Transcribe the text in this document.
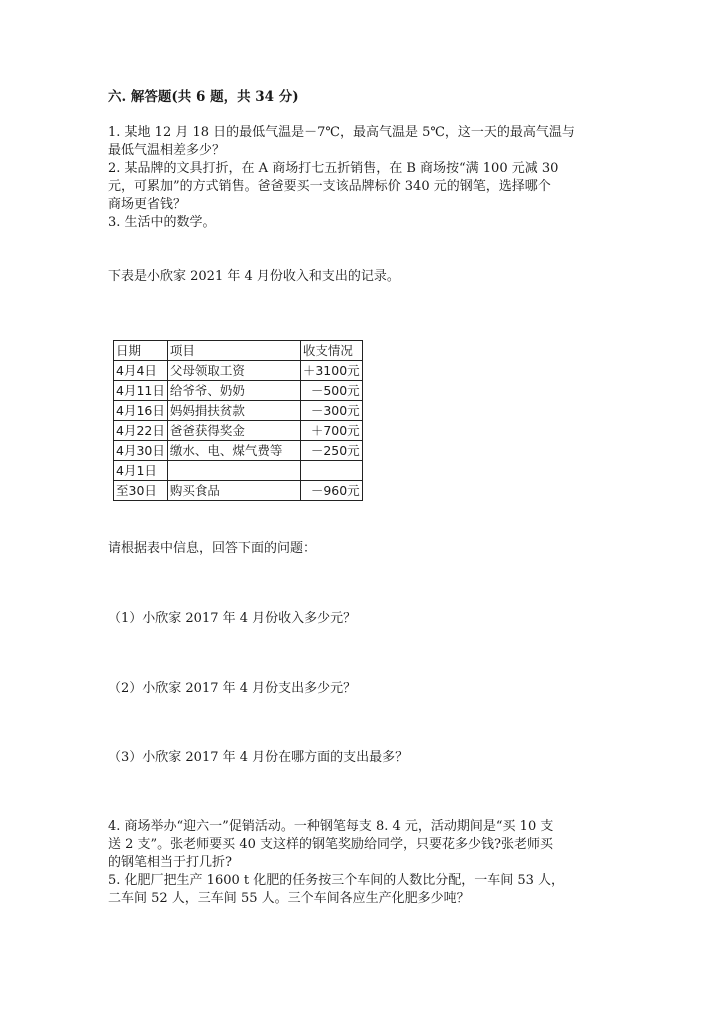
六. 解答题(共 6 题，共 34 分)

1. 某地 12 月 18 日的最低气温是－7℃，最高气温是 5℃，这一天的最高气温与

最低气温相差多少？

2. 某品牌的文具打折，在 A 商场打七五折销售，在 B 商场按“满 100 元减 30

元，可累加”的方式销售。爸爸要买一支该品牌标价 340 元的钢笔，选择哪个

商场更省钱？

3. 生活中的数学。

下表是小欣家 2021 年 4 月份收入和支出的记录。
日期	项目	收支情况
4月4日	父母领取工资	＋3100元
4月11日	给爷爷、奶奶	－500元
4月16日	妈妈捐扶贫款	－300元
4月22日	爸爸获得奖金	＋700元
4月30日	缴水、电、煤气费等	－250元
4月1日		
至30日	购买食品	－960元
请根据表中信息，回答下面的问题：
（1）小欣家 2017 年 4 月份收入多少元？
（2）小欣家 2017 年 4 月份支出多少元？
（3）小欣家 2017 年 4 月份在哪方面的支出最多？

4. 商场举办“迎六一”促销活动。一种钢笔每支 8. 4 元，活动期间是“买 10 支

送 2 支”。张老师要买 40 支这样的钢笔奖励给同学，只要花多少钱?张老师买

的钢笔相当于打几折?

5. 化肥厂把生产 1600 t 化肥的任务按三个车间的人数比分配，一车间 53 人，

二车间 52 人，三车间 55 人。三个车间各应生产化肥多少吨？
